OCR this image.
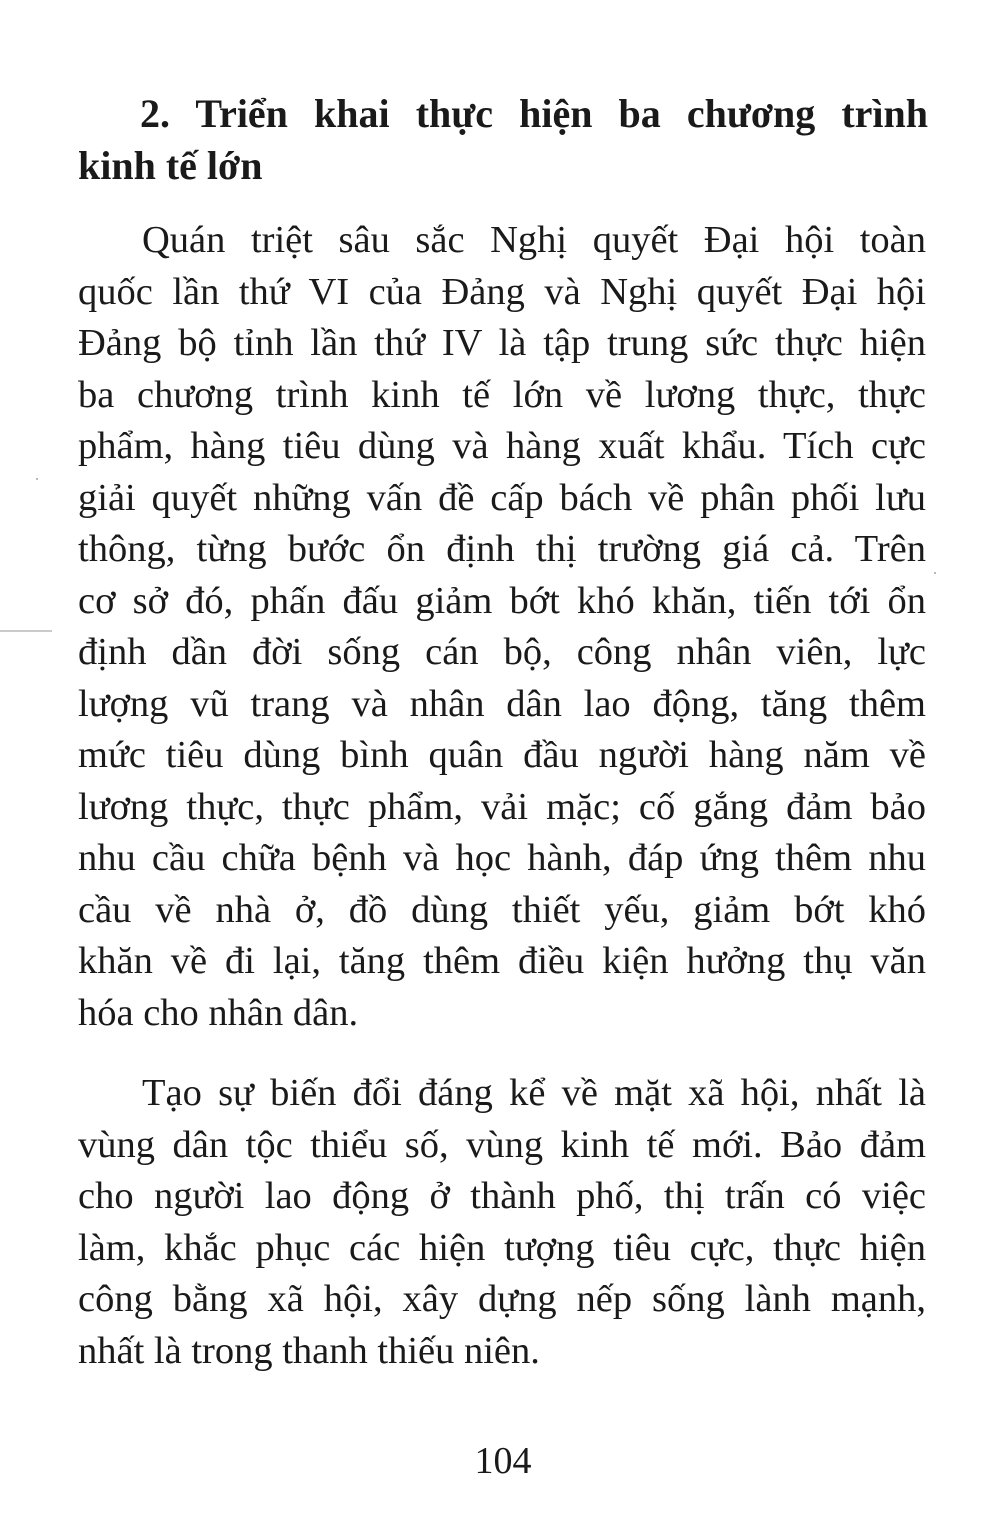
2. Triển khai thực hiện ba chương trình
kinh tế lớn

Quán triệt sâu sắc Nghị quyết Đại hội toàn
quốc lần thứ VI của Đảng và Nghị quyết Đại hội
Đảng bộ tỉnh lần thứ IV là tập trung sức thực hiện
ba chương trình kinh tế lớn về lương thực, thực
phẩm, hàng tiêu dùng và hàng xuất khẩu. Tích cực
giải quyết những vấn đề cấp bách về phân phối lưu
thông, từng bước ổn định thị trường giá cả. Trên
cơ sở đó, phấn đấu giảm bớt khó khăn, tiến tới ổn
định dần đời sống cán bộ, công nhân viên, lực
lượng vũ trang và nhân dân lao động, tăng thêm
mức tiêu dùng bình quân đầu người hàng năm về
lương thực, thực phẩm, vải mặc; cố gắng đảm bảo
nhu cầu chữa bệnh và học hành, đáp ứng thêm nhu
cầu về nhà ở, đồ dùng thiết yếu, giảm bớt khó
khăn về đi lại, tăng thêm điều kiện hưởng thụ văn
hóa cho nhân dân.

Tạo sự biến đổi đáng kể về mặt xã hội, nhất là
vùng dân tộc thiểu số, vùng kinh tế mới. Bảo đảm
cho người lao động ở thành phố, thị trấn có việc
làm, khắc phục các hiện tượng tiêu cực, thực hiện
công bằng xã hội, xây dựng nếp sống lành mạnh,
nhất là trong thanh thiếu niên.

104
